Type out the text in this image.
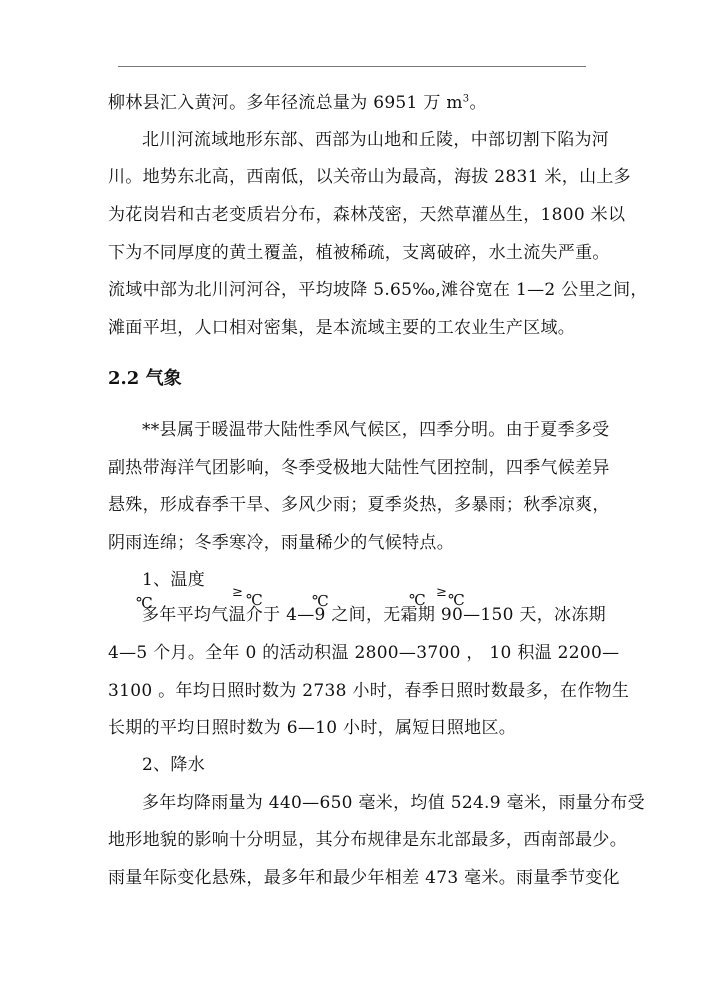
柳林县汇入黄河。多年径流总量为 6951 万 $m^3$。
北川河流域地形东部、西部为山地和丘陵，中部切割下陷为河
川。地势东北高，西南低，以关帝山为最高，海拔 2831 米，山上多
为花岗岩和古老变质岩分布，森林茂密，天然草灌丛生，1800 米以
下为不同厚度的黄土覆盖，植被稀疏，支离破碎，水土流失严重。
流域中部为北川河河谷，平均坡降 5.65‰,滩谷宽在 1—2 公里之间，
滩面平坦，人口相对密集，是本流域主要的工农业生产区域。
2.2 气象
**县属于暖温带大陆性季风气候区，四季分明。由于夏季多受
副热带海洋气团影响，冬季受极地大陆性气团控制，四季气候差异
悬殊，形成春季干旱、多风少雨；夏季炎热，多暴雨；秋季凉爽，
阴雨连绵；冬季寒冷，雨量稀少的气候特点。
1、温度
℃
≥ ℃	℃	℃ ≥ ℃
多年平均气温介于 4—9 之间，无霜期 90—150 天，冰冻期
4—5 个月。全年 0 的活动积温 2800—3700 ， 10 积温 2200—
3100 。年均日照时数为 2738 小时，春季日照时数最多，在作物生
长期的平均日照时数为 6—10 小时，属短日照地区。
2、降水
多年均降雨量为 440—650 毫米，均值 524.9 毫米，雨量分布受
地形地貌的影响十分明显，其分布规律是东北部最多，西南部最少。
雨量年际变化悬殊，最多年和最少年相差 473 毫米。雨量季节变化
